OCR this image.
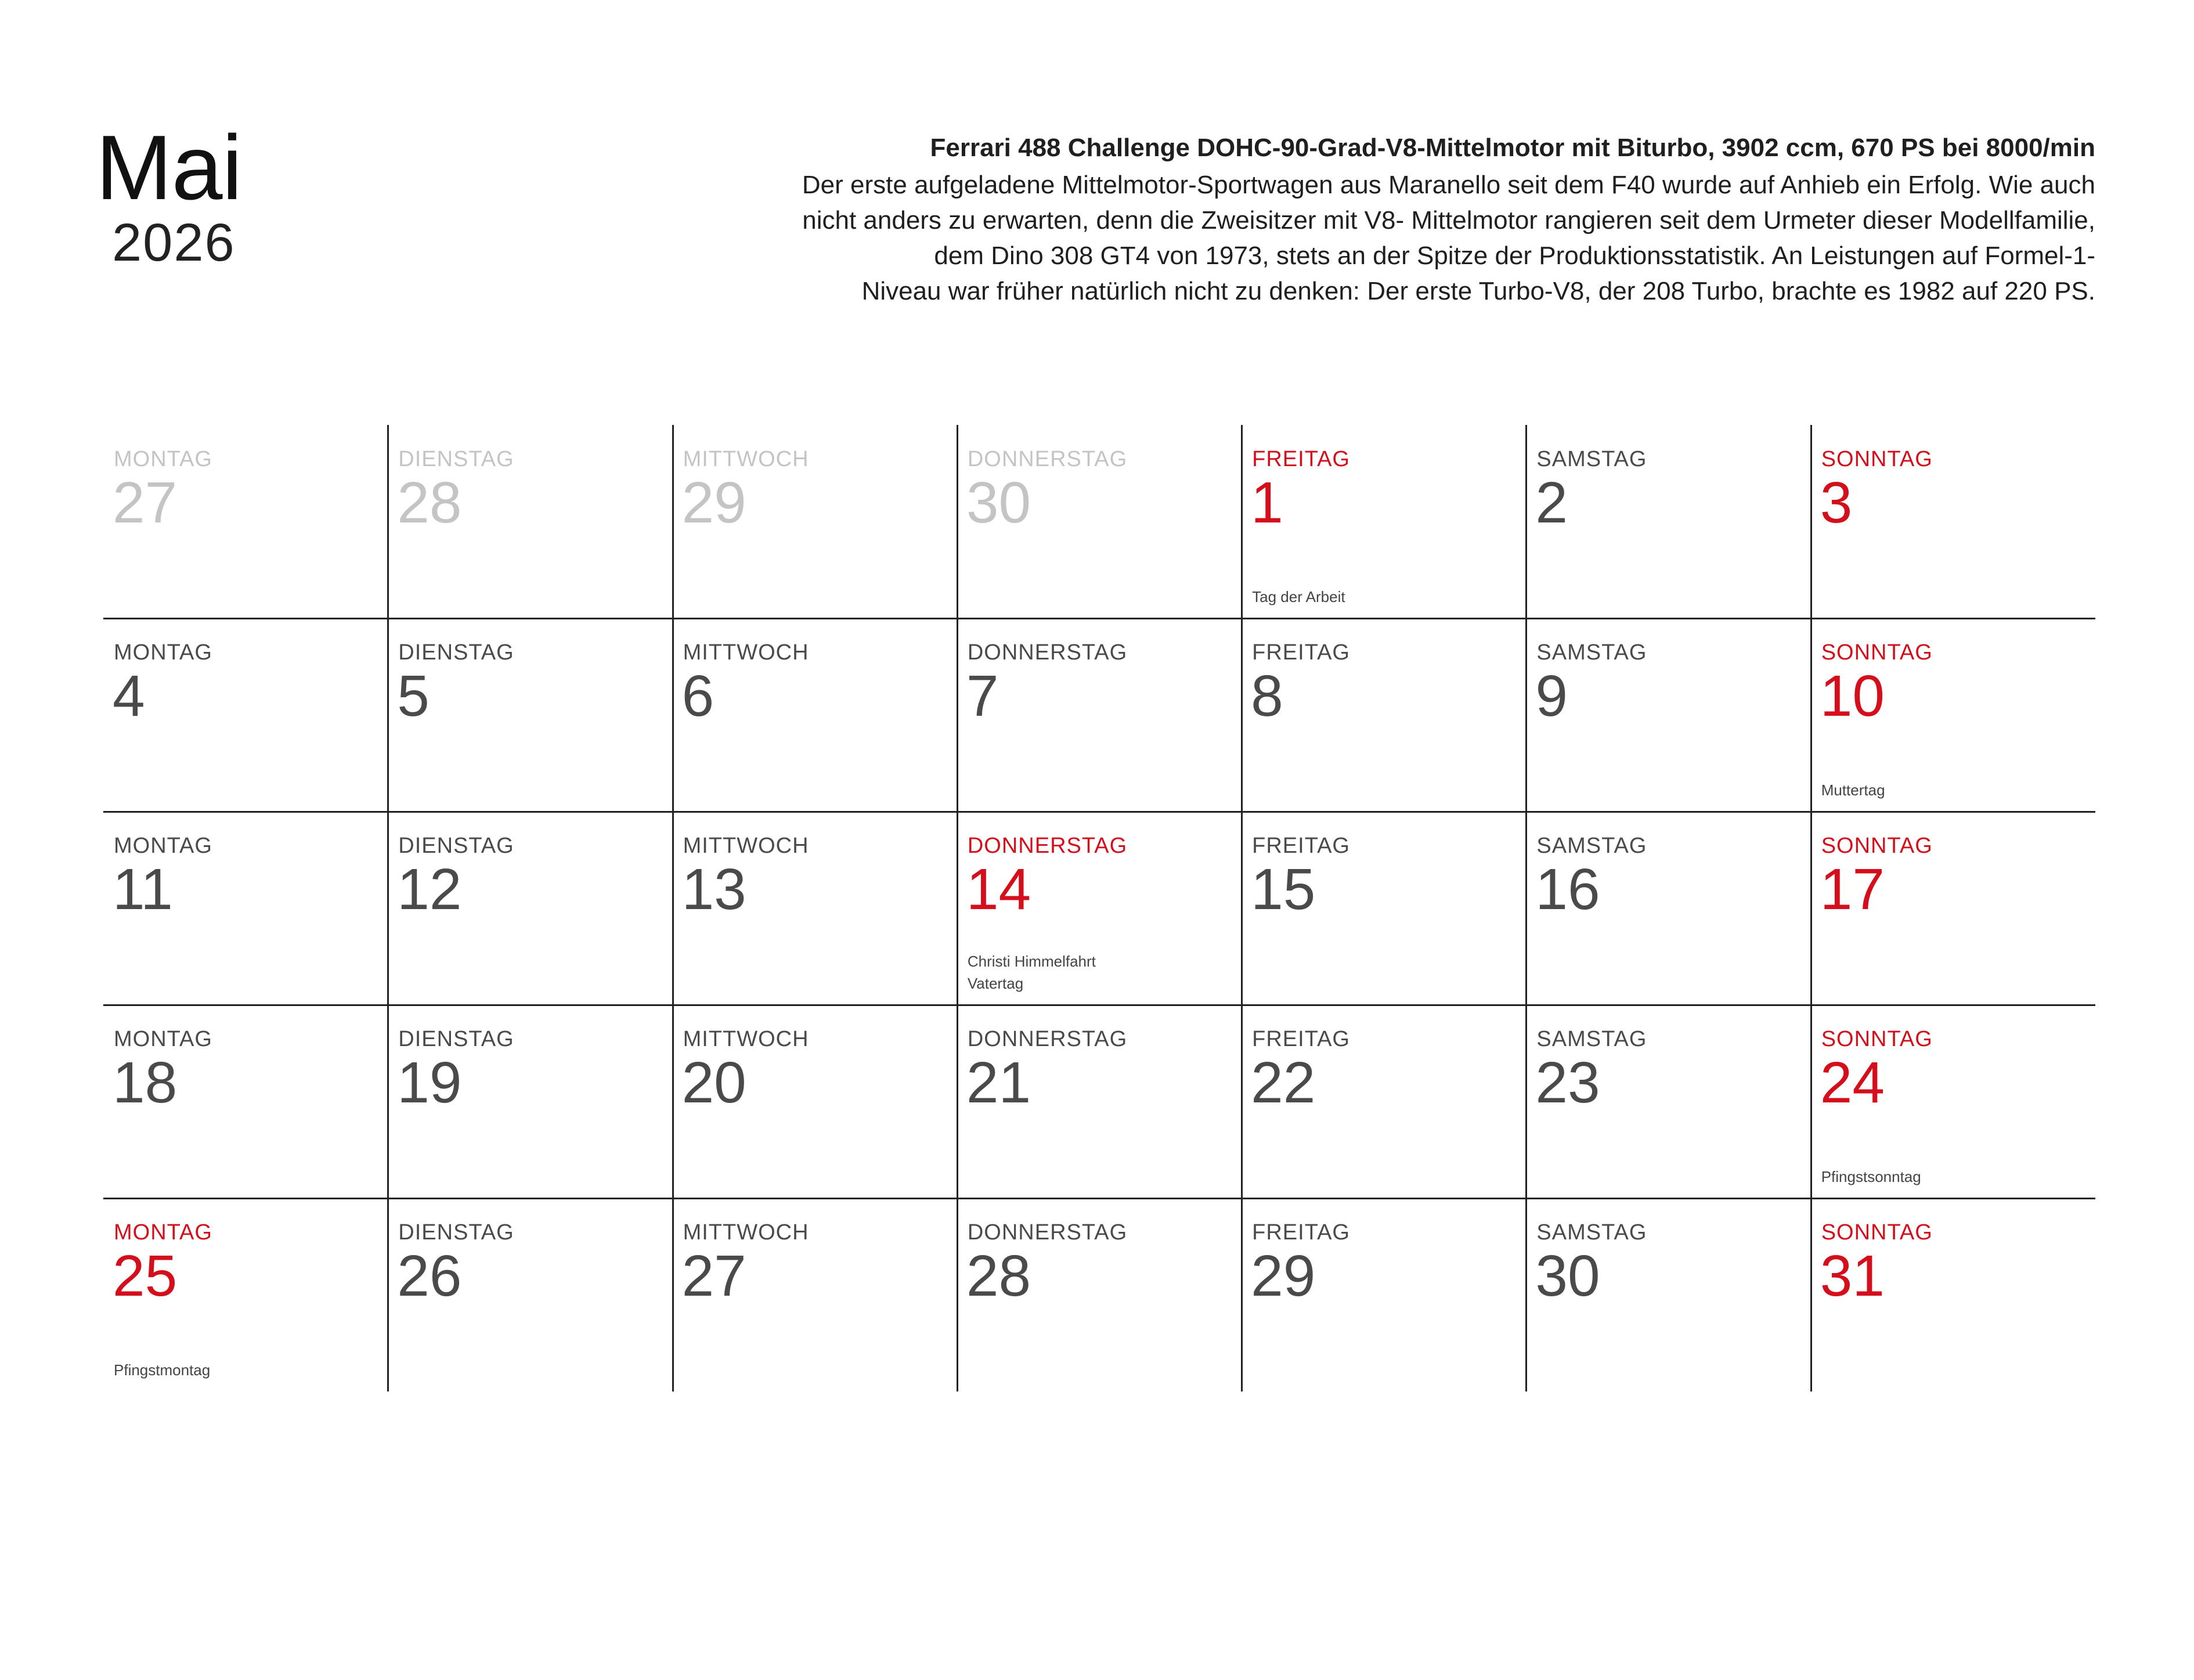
Mai
2026
Ferrari 488 Challenge DOHC-90-Grad-V8-Mittelmotor mit Biturbo, 3902 ccm, 670 PS bei 8000/min
Der erste aufgeladene Mittelmotor-Sportwagen aus Maranello seit dem F40 wurde auf Anhieb ein Erfolg. Wie auch
nicht anders zu erwarten, denn die Zweisitzer mit V8- Mittelmotor rangieren seit dem Urmeter dieser Modellfamilie,
dem Dino 308 GT4 von 1973, stets an der Spitze der Produktionsstatistik. An Leistungen auf Formel-1-
Niveau war früher natürlich nicht zu denken: Der erste Turbo-V8, der 208 Turbo, brachte es 1982 auf 220 PS.
MONTAG
27
DIENSTAG
28
MITTWOCH
29
DONNERSTAG
30
FREITAG
1
Tag der Arbeit
SAMSTAG
2
SONNTAG
3
MONTAG
4
DIENSTAG
5
MITTWOCH
6
DONNERSTAG
7
FREITAG
8
SAMSTAG
9
SONNTAG
10
Muttertag
MONTAG
11
DIENSTAG
12
MITTWOCH
13
DONNERSTAG
14
Christi Himmelfahrt
Vatertag
FREITAG
15
SAMSTAG
16
SONNTAG
17
MONTAG
18
DIENSTAG
19
MITTWOCH
20
DONNERSTAG
21
FREITAG
22
SAMSTAG
23
SONNTAG
24
Pfingstsonntag
MONTAG
25
Pfingstmontag
DIENSTAG
26
MITTWOCH
27
DONNERSTAG
28
FREITAG
29
SAMSTAG
30
SONNTAG
31
